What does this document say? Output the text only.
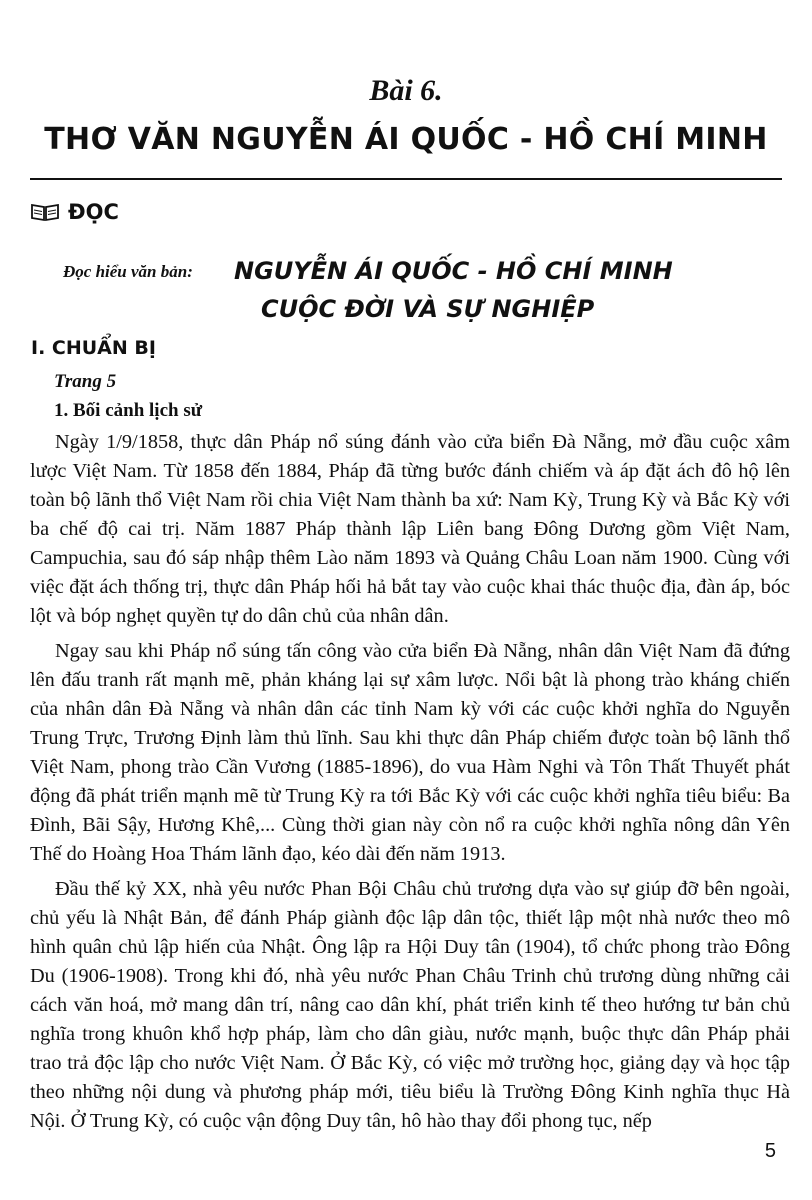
Bài 6.
THƠ VĂN NGUYỄN ÁI QUỐC - HỒ CHÍ MINH
ĐỌC
Đọc hiểu văn bản: NGUYỄN ÁI QUỐC - HỒ CHÍ MINH
CUỘC ĐỜI VÀ SỰ NGHIỆP
I. CHUẨN BỊ
Trang 5
1. Bối cảnh lịch sử

Ngày 1/9/1858, thực dân Pháp nổ súng đánh vào cửa biển Đà Nẵng, mở đầu cuộc xâm lược Việt Nam. Từ 1858 đến 1884, Pháp đã từng bước đánh chiếm và áp đặt ách đô hộ lên toàn bộ lãnh thổ Việt Nam rồi chia Việt Nam thành ba xứ: Nam Kỳ, Trung Kỳ và Bắc Kỳ với ba chế độ cai trị. Năm 1887 Pháp thành lập Liên bang Đông Dương gồm Việt Nam, Campuchia, sau đó sáp nhập thêm Lào năm 1893 và Quảng Châu Loan năm 1900. Cùng với việc đặt ách thống trị, thực dân Pháp hối hả bắt tay vào cuộc khai thác thuộc địa, đàn áp, bóc lột và bóp nghẹt quyền tự do dân chủ của nhân dân.

Ngay sau khi Pháp nổ súng tấn công vào cửa biển Đà Nẵng, nhân dân Việt Nam đã đứng lên đấu tranh rất mạnh mẽ, phản kháng lại sự xâm lược. Nổi bật là phong trào kháng chiến của nhân dân Đà Nẵng và nhân dân các tỉnh Nam kỳ với các cuộc khởi nghĩa do Nguyễn Trung Trực, Trương Định làm thủ lĩnh. Sau khi thực dân Pháp chiếm được toàn bộ lãnh thổ Việt Nam, phong trào Cần Vương (1885-1896), do vua Hàm Nghi và Tôn Thất Thuyết phát động đã phát triển mạnh mẽ từ Trung Kỳ ra tới Bắc Kỳ với các cuộc khởi nghĩa tiêu biểu: Ba Đình, Bãi Sậy, Hương Khê,... Cùng thời gian này còn nổ ra cuộc khởi nghĩa nông dân Yên Thế do Hoàng Hoa Thám lãnh đạo, kéo dài đến năm 1913.

Đầu thế kỷ XX, nhà yêu nước Phan Bội Châu chủ trương dựa vào sự giúp đỡ bên ngoài, chủ yếu là Nhật Bản, để đánh Pháp giành độc lập dân tộc, thiết lập một nhà nước theo mô hình quân chủ lập hiến của Nhật. Ông lập ra Hội Duy tân (1904), tổ chức phong trào Đông Du (1906-1908). Trong khi đó, nhà yêu nước Phan Châu Trinh chủ trương dùng những cải cách văn hoá, mở mang dân trí, nâng cao dân khí, phát triển kinh tế theo hướng tư bản chủ nghĩa trong khuôn khổ hợp pháp, làm cho dân giàu, nước mạnh, buộc thực dân Pháp phải trao trả độc lập cho nước Việt Nam. Ở Bắc Kỳ, có việc mở trường học, giảng dạy và học tập theo những nội dung và phương pháp mới, tiêu biểu là Trường Đông Kinh nghĩa thục Hà Nội. Ở Trung Kỳ, có cuộc vận động Duy tân, hô hào thay đổi phong tục, nếp

5
